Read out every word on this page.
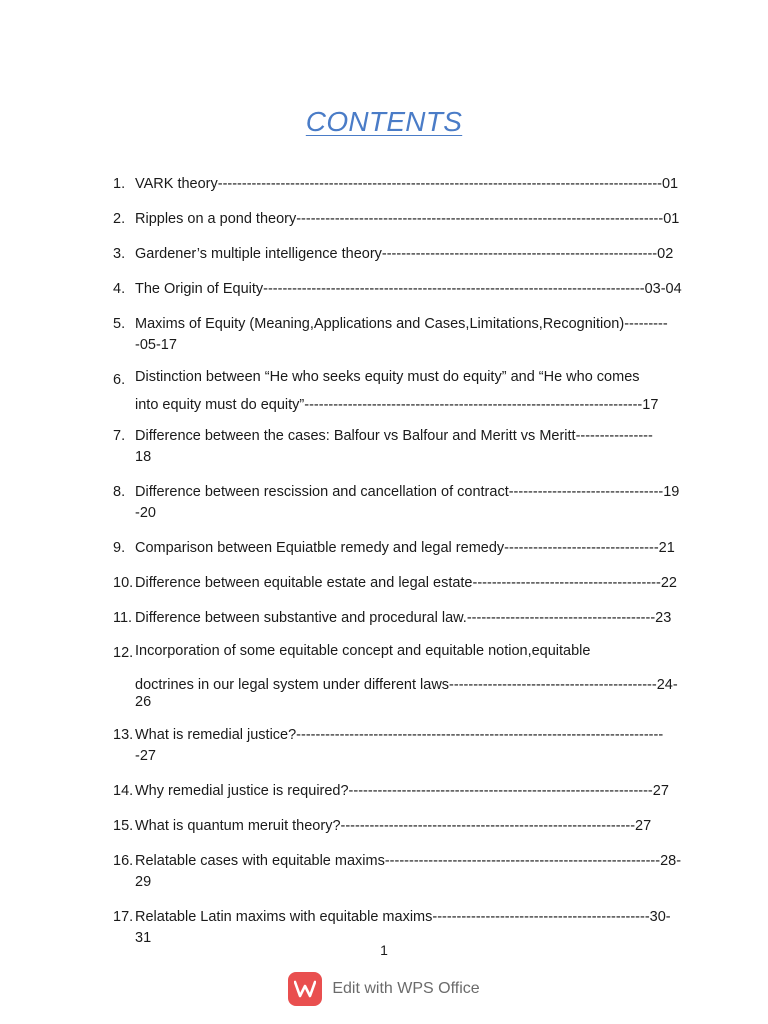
CONTENTS
1. VARK theory--------------------------------------------------------------------------------------------01
2. Ripples on a pond theory----------------------------------------------------------------------------01
3. Gardener’s multiple intelligence theory---------------------------------------------------------02
4. The Origin of Equity-------------------------------------------------------------------------------03-04
5. Maxims of Equity (Meaning,Applications and Cases,Limitations,Recognition)---------
-05-17
6. Distinction between “He who seeks equity must do equity” and “He who comes

into equity must do equity”----------------------------------------------------------------------17
7. Difference between the cases: Balfour vs Balfour and Meritt vs Meritt----------------
18
8. Difference between rescission and cancellation of contract--------------------------------19
-20
9. Comparison between Equiatble remedy and legal remedy--------------------------------21
10. Difference between equitable estate and legal estate---------------------------------------22
11. Difference between substantive and procedural law.---------------------------------------23
12. Incorporation of some equitable concept and equitable notion,equitable

doctrines in our legal system under different laws-------------------------------------------24-
26
13. What is remedial justice?-----------------------------------------------------------------------------27
14. Why remedial justice is required?---------------------------------------------------------------27
15. What is quantum meruit theory?-------------------------------------------------------------27
16. Relatable cases with equitable maxims---------------------------------------------------------28-29
17. Relatable Latin maxims with equitable maxims---------------------------------------------30-31
1
Edit with WPS Office
